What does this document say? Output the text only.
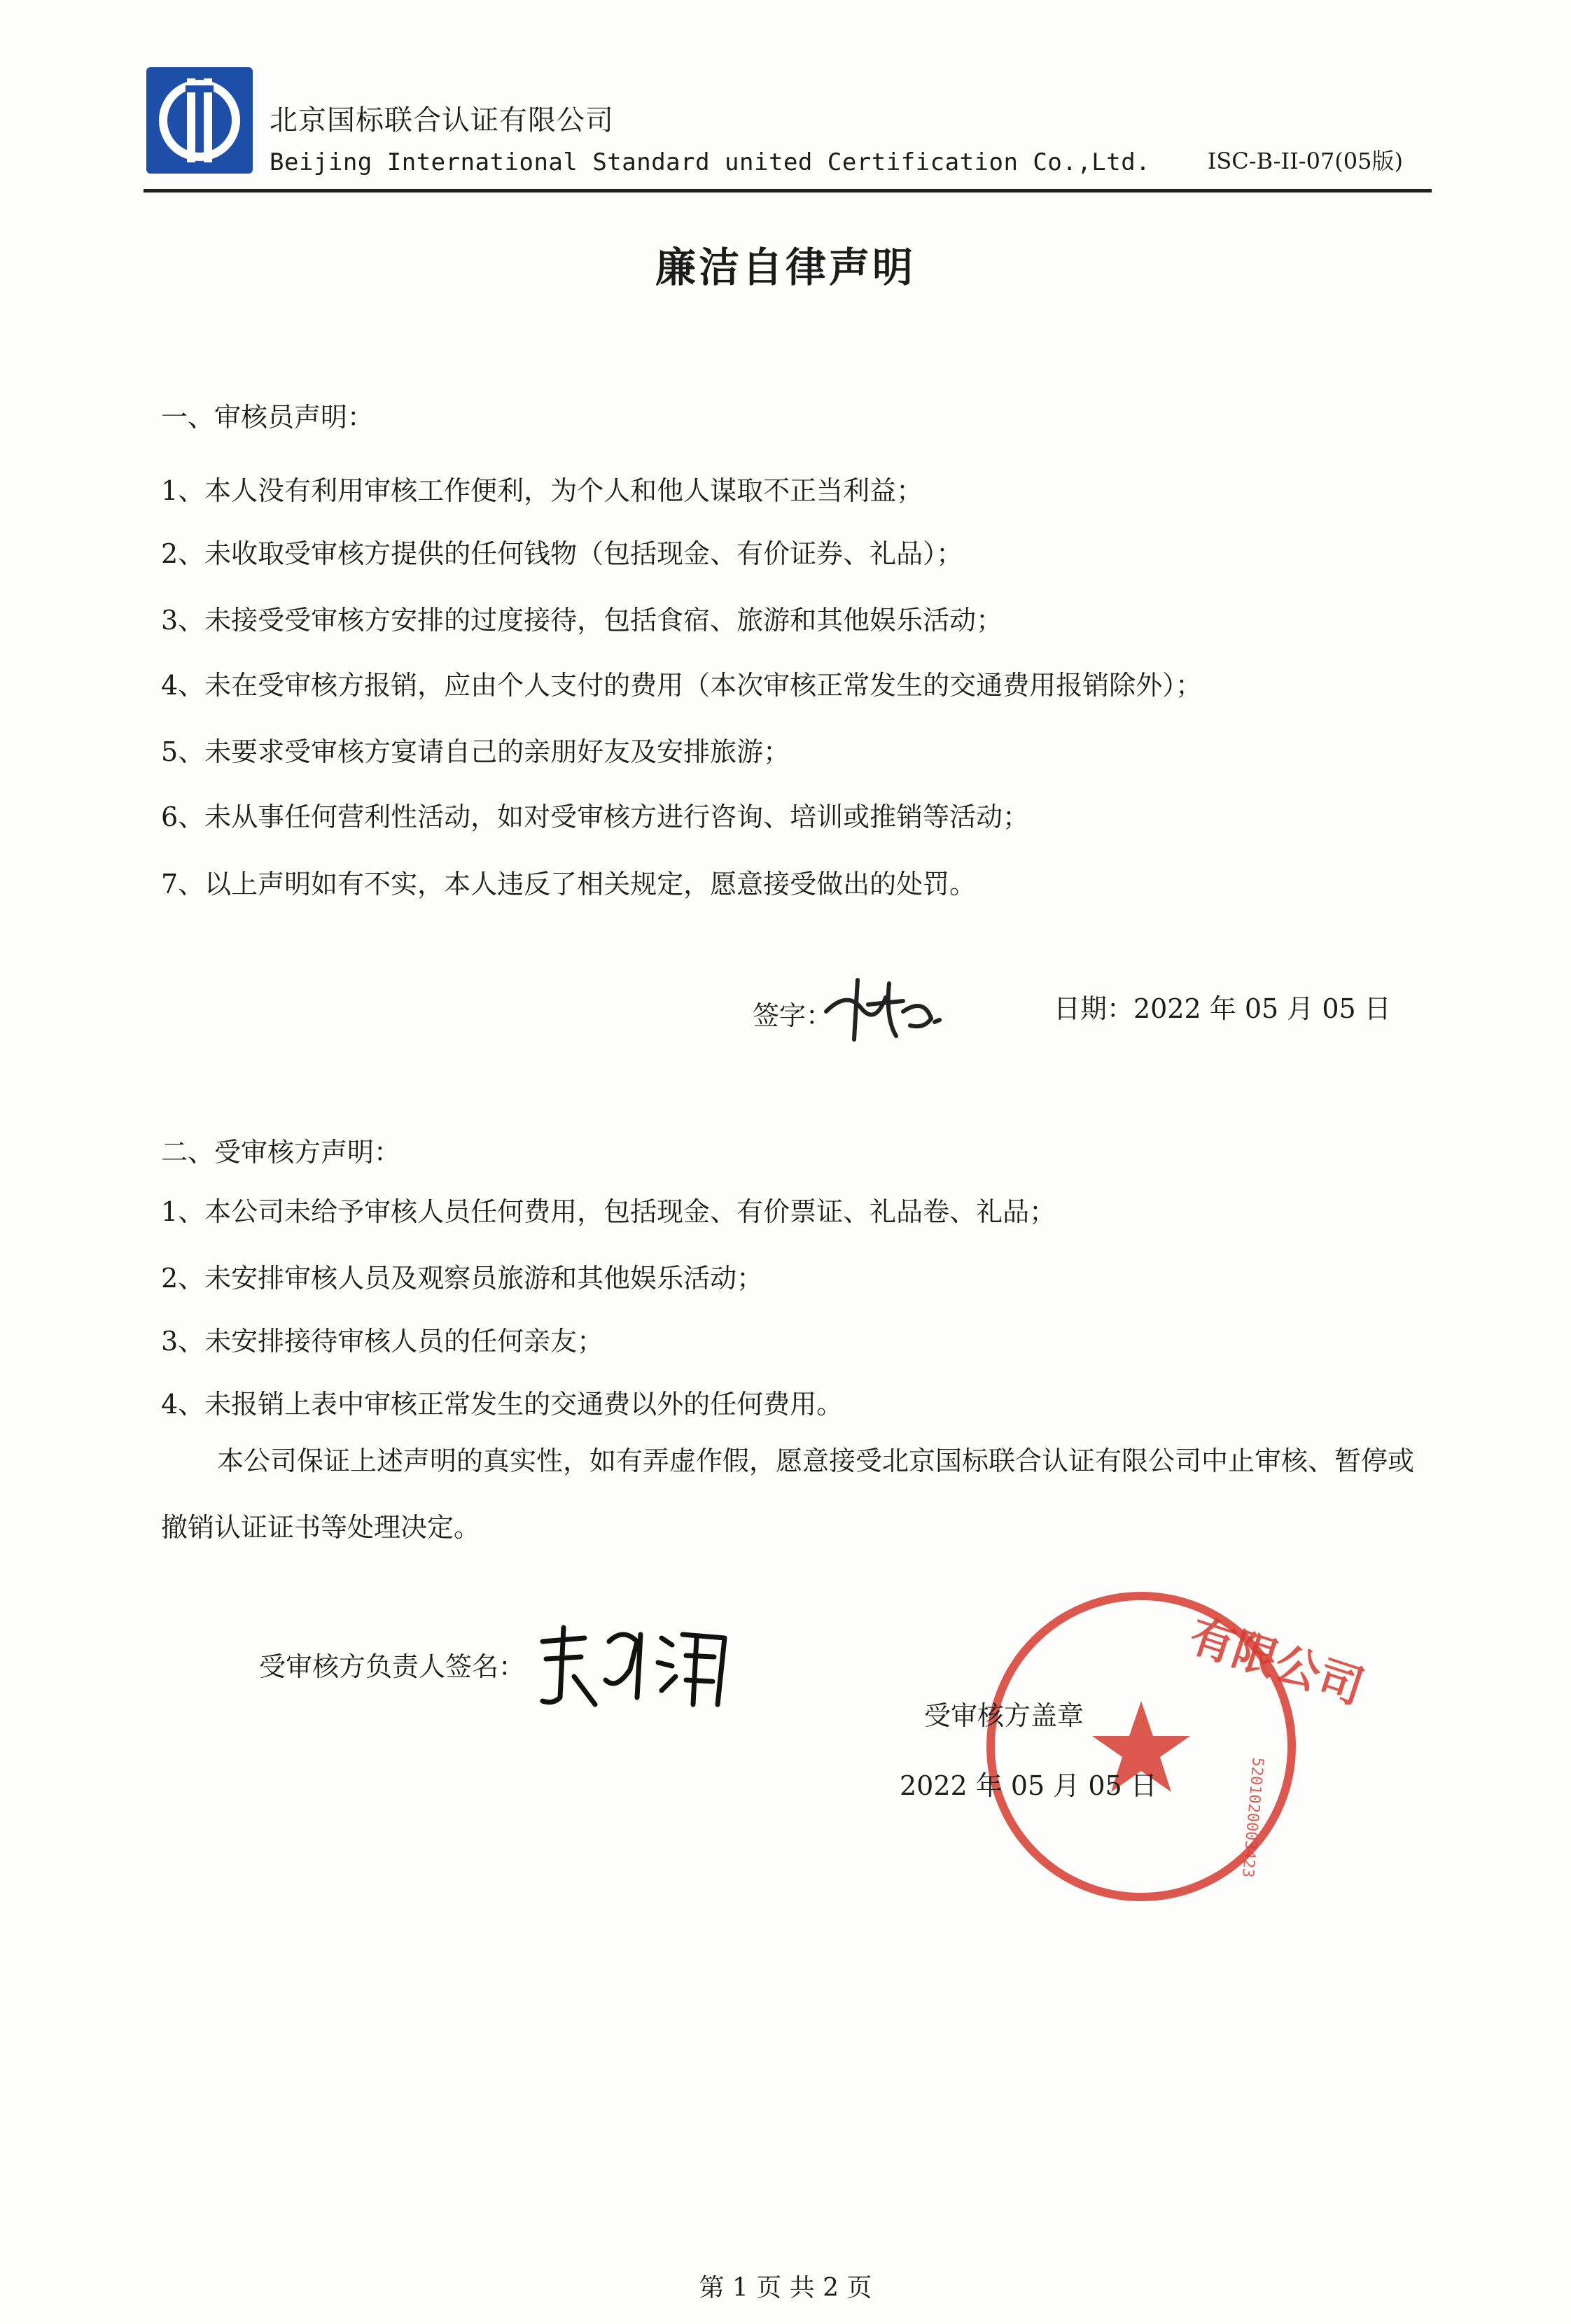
北京国标联合认证有限公司
Beijing International Standard united Certification Co.,Ltd.	ISC-B-II-07(05版)
廉洁自律声明
一、审核员声明：
1、本人没有利用审核工作便利，为个人和他人谋取不正当利益；
2、未收取受审核方提供的任何钱物（包括现金、有价证券、礼品）；
3、未接受受审核方安排的过度接待，包括食宿、旅游和其他娱乐活动；
4、未在受审核方报销，应由个人支付的费用（本次审核正常发生的交通费用报销除外）；
5、未要求受审核方宴请自己的亲朋好友及安排旅游；
6、未从事任何营利性活动，如对受审核方进行咨询、培训或推销等活动；
7、以上声明如有不实，本人违反了相关规定，愿意接受做出的处罚。
签字：	日期：2022 年 05 月 05 日
二、受审核方声明：
1、本公司未给予审核人员任何费用，包括现金、有价票证、礼品卷、礼品；
2、未安排审核人员及观察员旅游和其他娱乐活动；
3、未安排接待审核人员的任何亲友；
4、未报销上表中审核正常发生的交通费以外的任何费用。
本公司保证上述声明的真实性，如有弄虚作假，愿意接受北京国标联合认证有限公司中止审核、暂停或撤销认证证书等处理决定。
受审核方负责人签名：	有限公司
5201020003423
受审核方盖章
2022 年 05 月 05 日
第 1 页 共 2 页
